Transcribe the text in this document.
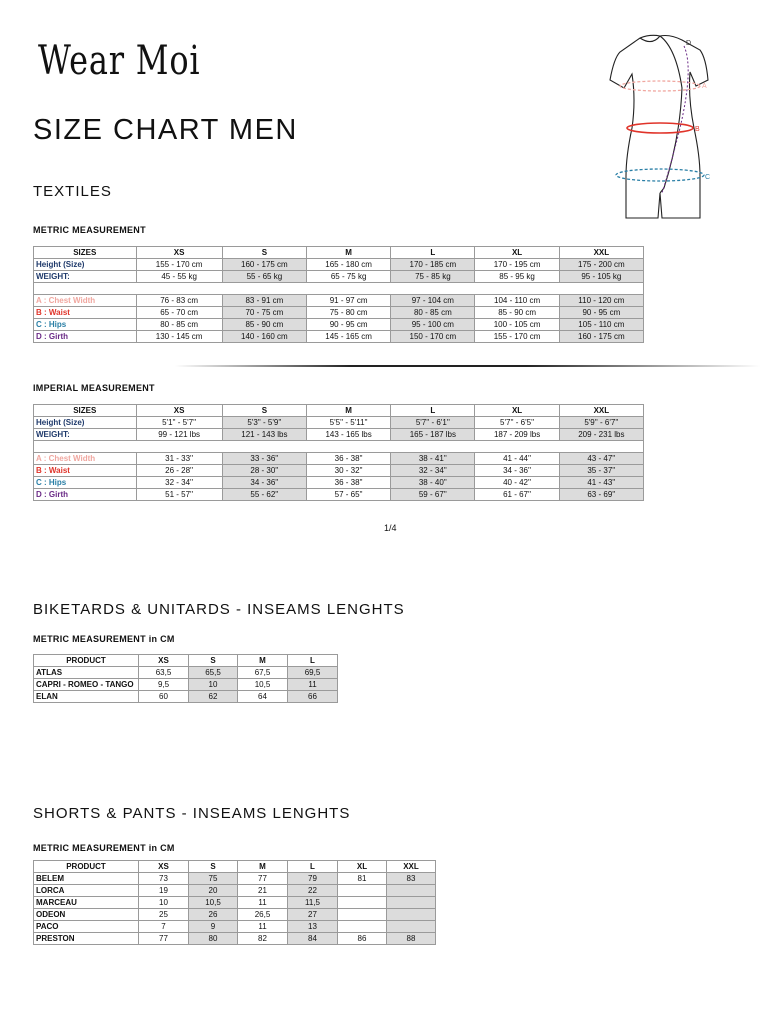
Wear Moi	D
A
B
C
SIZE CHART MEN
TEXTILES
METRIC MEASUREMENT
SIZES	XS	S	M	L	XL	XXL
Height (Size)	155 - 170 cm	160 - 175 cm	165 - 180 cm	170 - 185 cm	170 - 195 cm	175 - 200 cm
WEIGHT:	45 - 55 kg	55 - 65 kg	65 - 75 kg	75 - 85 kg	85 - 95 kg	95 - 105 kg

A : Chest Width	76 - 83 cm	83 - 91 cm	91 - 97 cm	97 - 104 cm	104 - 110 cm	110 - 120 cm
B : Waist	65 - 70 cm	70 - 75 cm	75 - 80 cm	80 - 85 cm	85 - 90 cm	90 - 95 cm
C : Hips	80 - 85 cm	85 - 90 cm	90 - 95 cm	95 - 100 cm	100 - 105 cm	105 - 110 cm
D : Girth	130 - 145 cm	140 - 160 cm	145 - 165 cm	150 - 170 cm	155 - 170 cm	160 - 175 cm
IMPERIAL MEASUREMENT
SIZES	XS	S	M	L	XL	XXL
Height (Size)	5'1'' - 5'7''	5'3'' - 5'9''	5'5'' - 5'11''	5'7'' - 6'1''	5'7'' - 6'5''	5'9'' - 6'7''
WEIGHT:	99 - 121 lbs	121 - 143 lbs	143 - 165 lbs	165 - 187 lbs	187 - 209 lbs	209 - 231 lbs

A : Chest Width	31 - 33''	33 - 36''	36 - 38''	38 - 41''	41 - 44''	43 - 47''
B : Waist	26 - 28''	28 - 30''	30 - 32''	32 - 34''	34 - 36''	35 - 37''
C : Hips	32 - 34''	34 - 36''	36 - 38''	38 - 40''	40 - 42''	41 - 43''
D : Girth	51 - 57''	55 - 62''	57 - 65''	59 - 67''	61 - 67''	63 - 69''
1/4
BIKETARDS & UNITARDS - INSEAMS LENGHTS
METRIC MEASUREMENT in CM
PRODUCT	XS	S	M	L
ATLAS	63,5	65,5	67,5	69,5
CAPRI - ROMEO - TANGO	9,5	10	10,5	11
ELAN	60	62	64	66
SHORTS & PANTS - INSEAMS LENGHTS
METRIC MEASUREMENT in CM
PRODUCT	XS	S	M	L	XL	XXL
BELEM	73	75	77	79	81	83
LORCA	19	20	21	22		
MARCEAU	10	10,5	11	11,5		
ODEON	25	26	26,5	27		
PACO	7	9	11	13		
PRESTON	77	80	82	84	86	88
